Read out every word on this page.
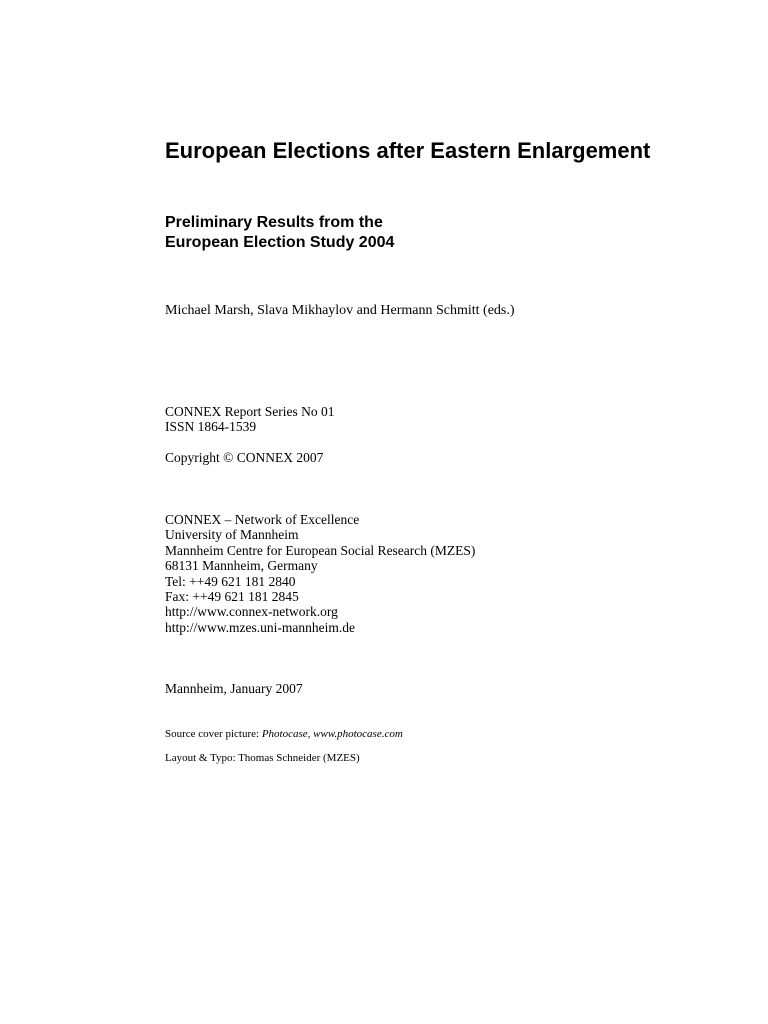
European Elections after Eastern Enlargement
Preliminary Results from the
European Election Study 2004

Michael Marsh, Slava Mikhaylov and Hermann Schmitt (eds.)

CONNEX Report Series No 01
ISSN 1864-1539
Copyright © CONNEX 2007
CONNEX – Network of Excellence
University of Mannheim
Mannheim Centre for European Social Research (MZES)
68131 Mannheim, Germany
Tel: ++49 621 181 2840
Fax: ++49 621 181 2845
http://www.connex-network.org
http://www.mzes.uni-mannheim.de
Mannheim, January 2007

Source cover picture: Photocase, www.photocase.com

Layout & Typo: Thomas Schneider (MZES)
